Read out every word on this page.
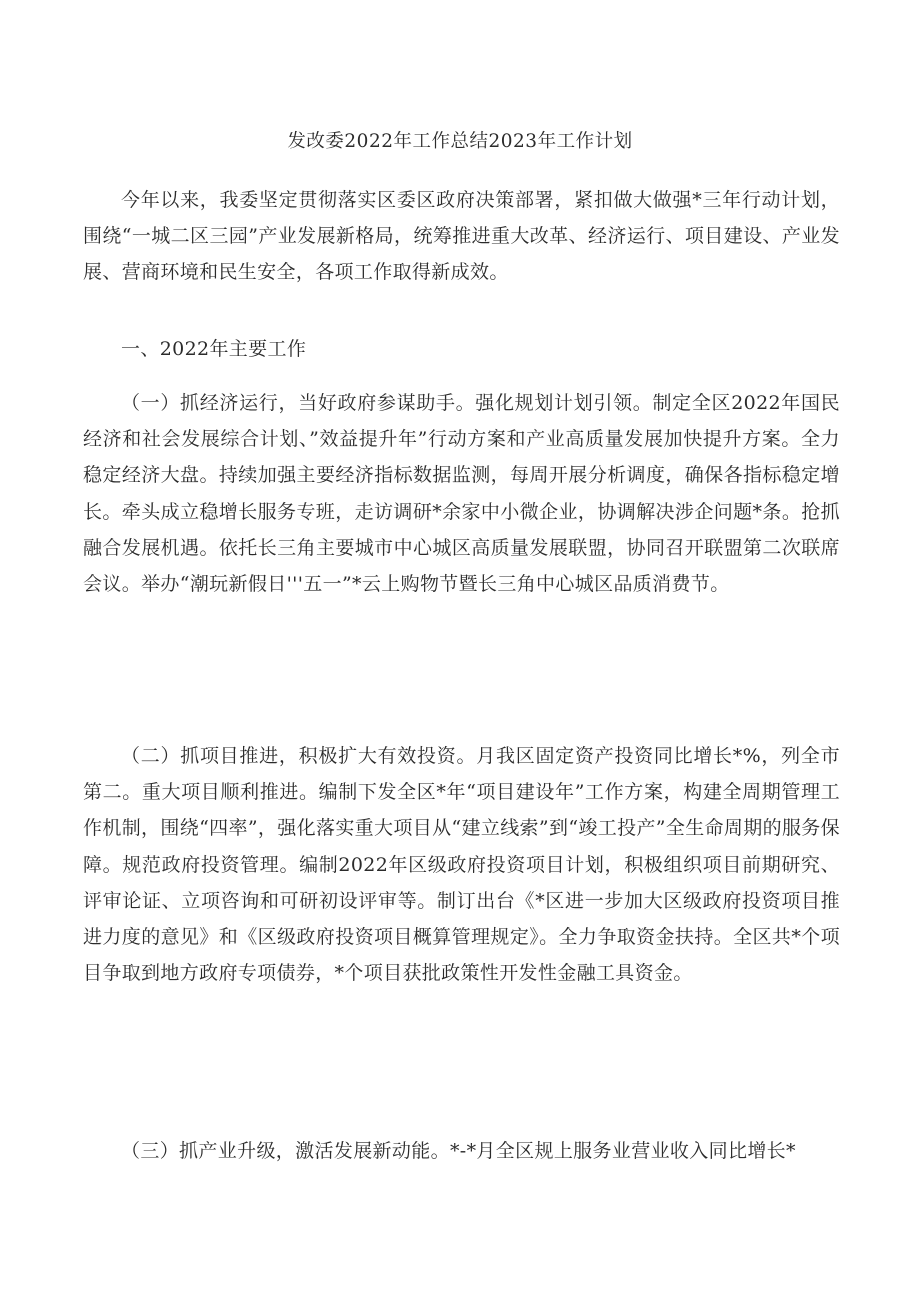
发改委2022年工作总结2023年工作计划

今年以来，我委坚定贯彻落实区委区政府决策部署，紧扣做大做强*三年行动计划，围绕“一城二区三园”产业发展新格局，统筹推进重大改革、经济运行、项目建设、产业发展、营商环境和民生安全，各项工作取得新成效。

一、2022年主要工作

（一）抓经济运行，当好政府参谋助手。强化规划计划引领。制定全区2022年国民经济和社会发展综合计划、”效益提升年”行动方案和产业高质量发展加快提升方案。全力稳定经济大盘。持续加强主要经济指标数据监测，每周开展分析调度，确保各指标稳定增长。牵头成立稳增长服务专班，走访调研*余家中小微企业，协调解决涉企问题*条。抢抓融合发展机遇。依托长三角主要城市中心城区高质量发展联盟，协同召开联盟第二次联席会议。举办“潮玩新假日'''五一”*云上购物节暨长三角中心城区品质消费节。

（二）抓项目推进，积极扩大有效投资。月我区固定资产投资同比增长*%，列全市第二。重大项目顺利推进。编制下发全区*年“项目建设年”工作方案，构建全周期管理工作机制，围绕“四率”，强化落实重大项目从“建立线索”到“竣工投产”全生命周期的服务保障。规范政府投资管理。编制2022年区级政府投资项目计划，积极组织项目前期研究、评审论证、立项咨询和可研初设评审等。制订出台《*区进一步加大区级政府投资项目推进力度的意见》和《区级政府投资项目概算管理规定》。全力争取资金扶持。全区共*个项目争取到地方政府专项债券，*个项目获批政策性开发性金融工具资金。

（三）抓产业升级，激活发展新动能。*-*月全区规上服务业营业收入同比增长*
